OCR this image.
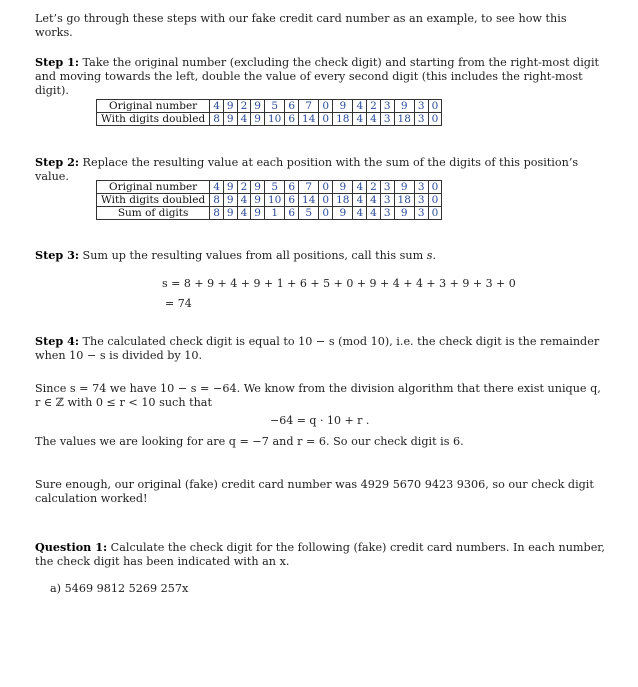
Let’s go through these steps with our fake credit card number as an example, to see how this works.
Step 1: Take the original number (excluding the check digit) and starting from the right-most digit and moving towards the left, double the value of every second digit (this includes the right-most digit).
Original number	4	9	2	9	5	6	7	0	9	4	2	3	9	3	0
With digits doubled	8	9	4	9	10	6	14	0	18	4	4	3	18	3	0
Step 2: Replace the resulting value at each position with the sum of the digits of this position’s value.
Original number	4	9	2	9	5	6	7	0	9	4	2	3	9	3	0
With digits doubled	8	9	4	9	10	6	14	0	18	4	4	3	18	3	0
Sum of digits	8	9	4	9	1	6	5	0	9	4	4	3	9	3	0
Step 3: Sum up the resulting values from all positions, call this sum s.
s = 8 + 9 + 4 + 9 + 1 + 6 + 5 + 0 + 9 + 4 + 4 + 3 + 9 + 3 + 0
= 74
Step 4: The calculated check digit is equal to 10 − s (mod 10), i.e. the check digit is the remainder when 10 − s is divided by 10.
Since s = 74 we have 10 − s = −64. We know from the division algorithm that there exist unique q, r ∈ ℤ with 0 ≤ r < 10 such that
−64 = q · 10 + r .
The values we are looking for are q = −7 and r = 6. So our check digit is 6.
Sure enough, our original (fake) credit card number was 4929 5670 9423 9306, so our check digit calculation worked!
Question 1: Calculate the check digit for the following (fake) credit card numbers. In each number, the check digit has been indicated with an x.
a) 5469 9812 5269 257x
